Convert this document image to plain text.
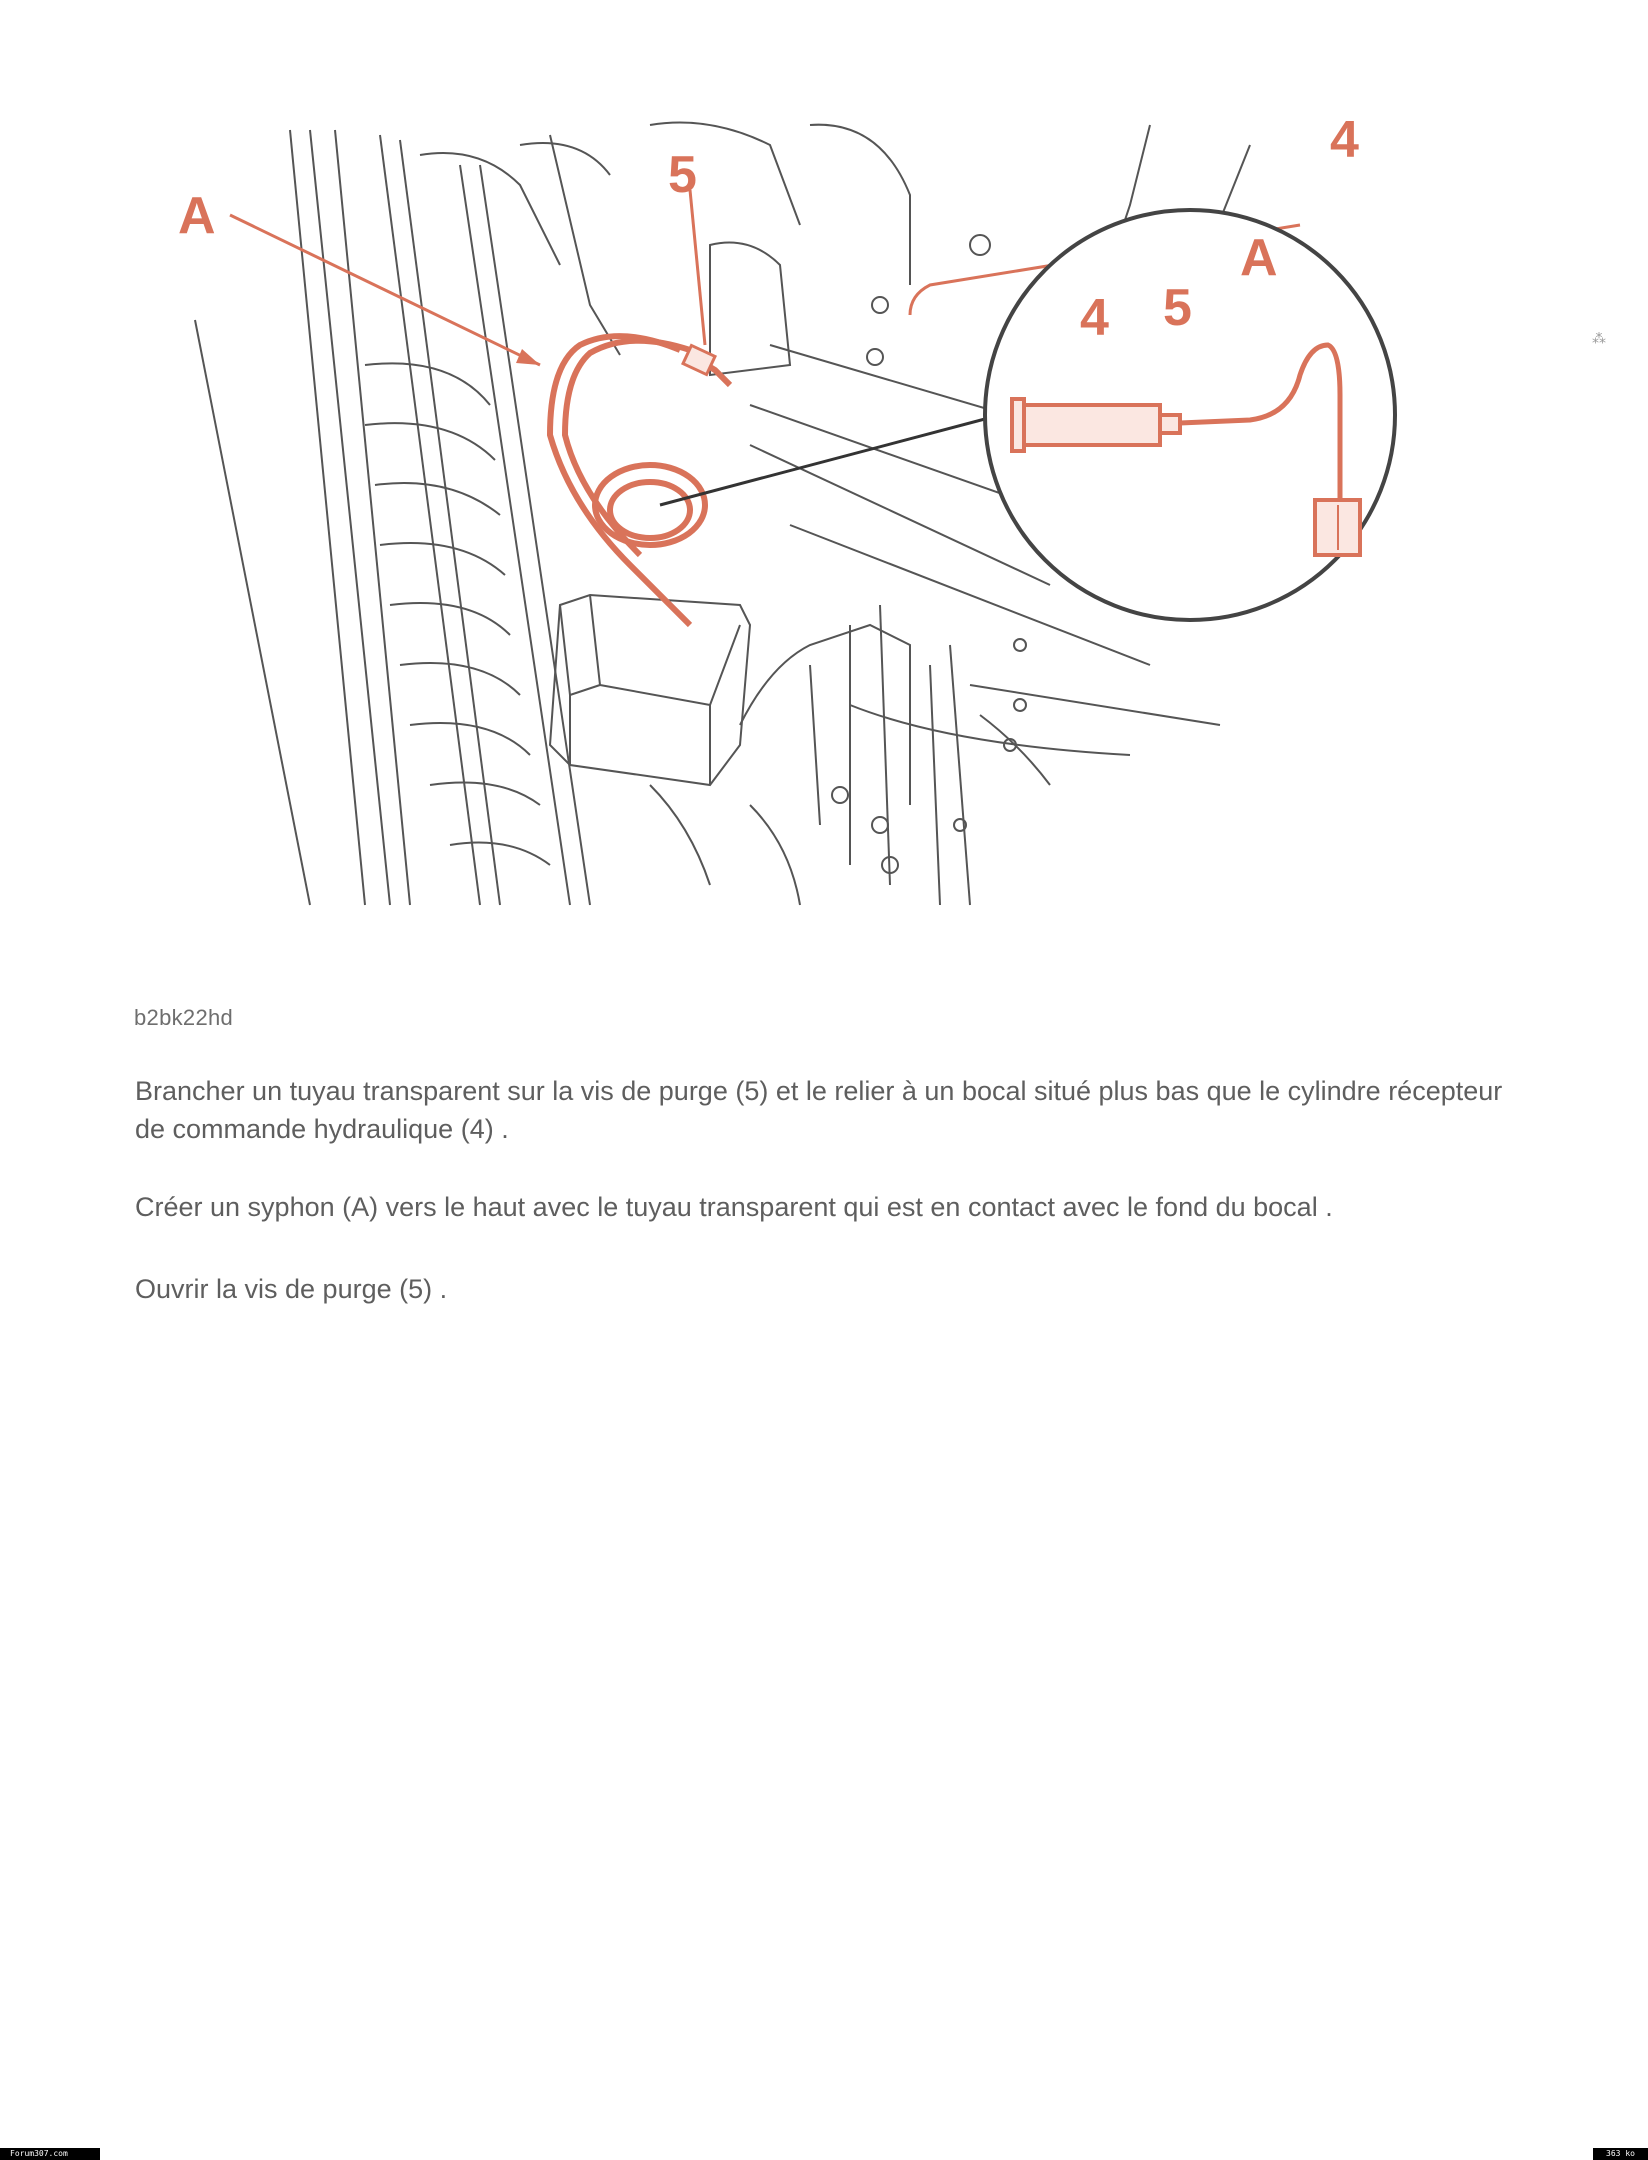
A
5
4
4 5
A
b2bk22hd

Brancher un tuyau transparent sur la vis de purge (5) et le relier à un bocal situé plus bas que le cylindre récepteur de commande hydraulique (4) .

Créer un syphon (A) vers le haut avec le tuyau transparent qui est en contact avec le fond du bocal .

Ouvrir la vis de purge (5) .

⁂
Forum307.com	363 ko
